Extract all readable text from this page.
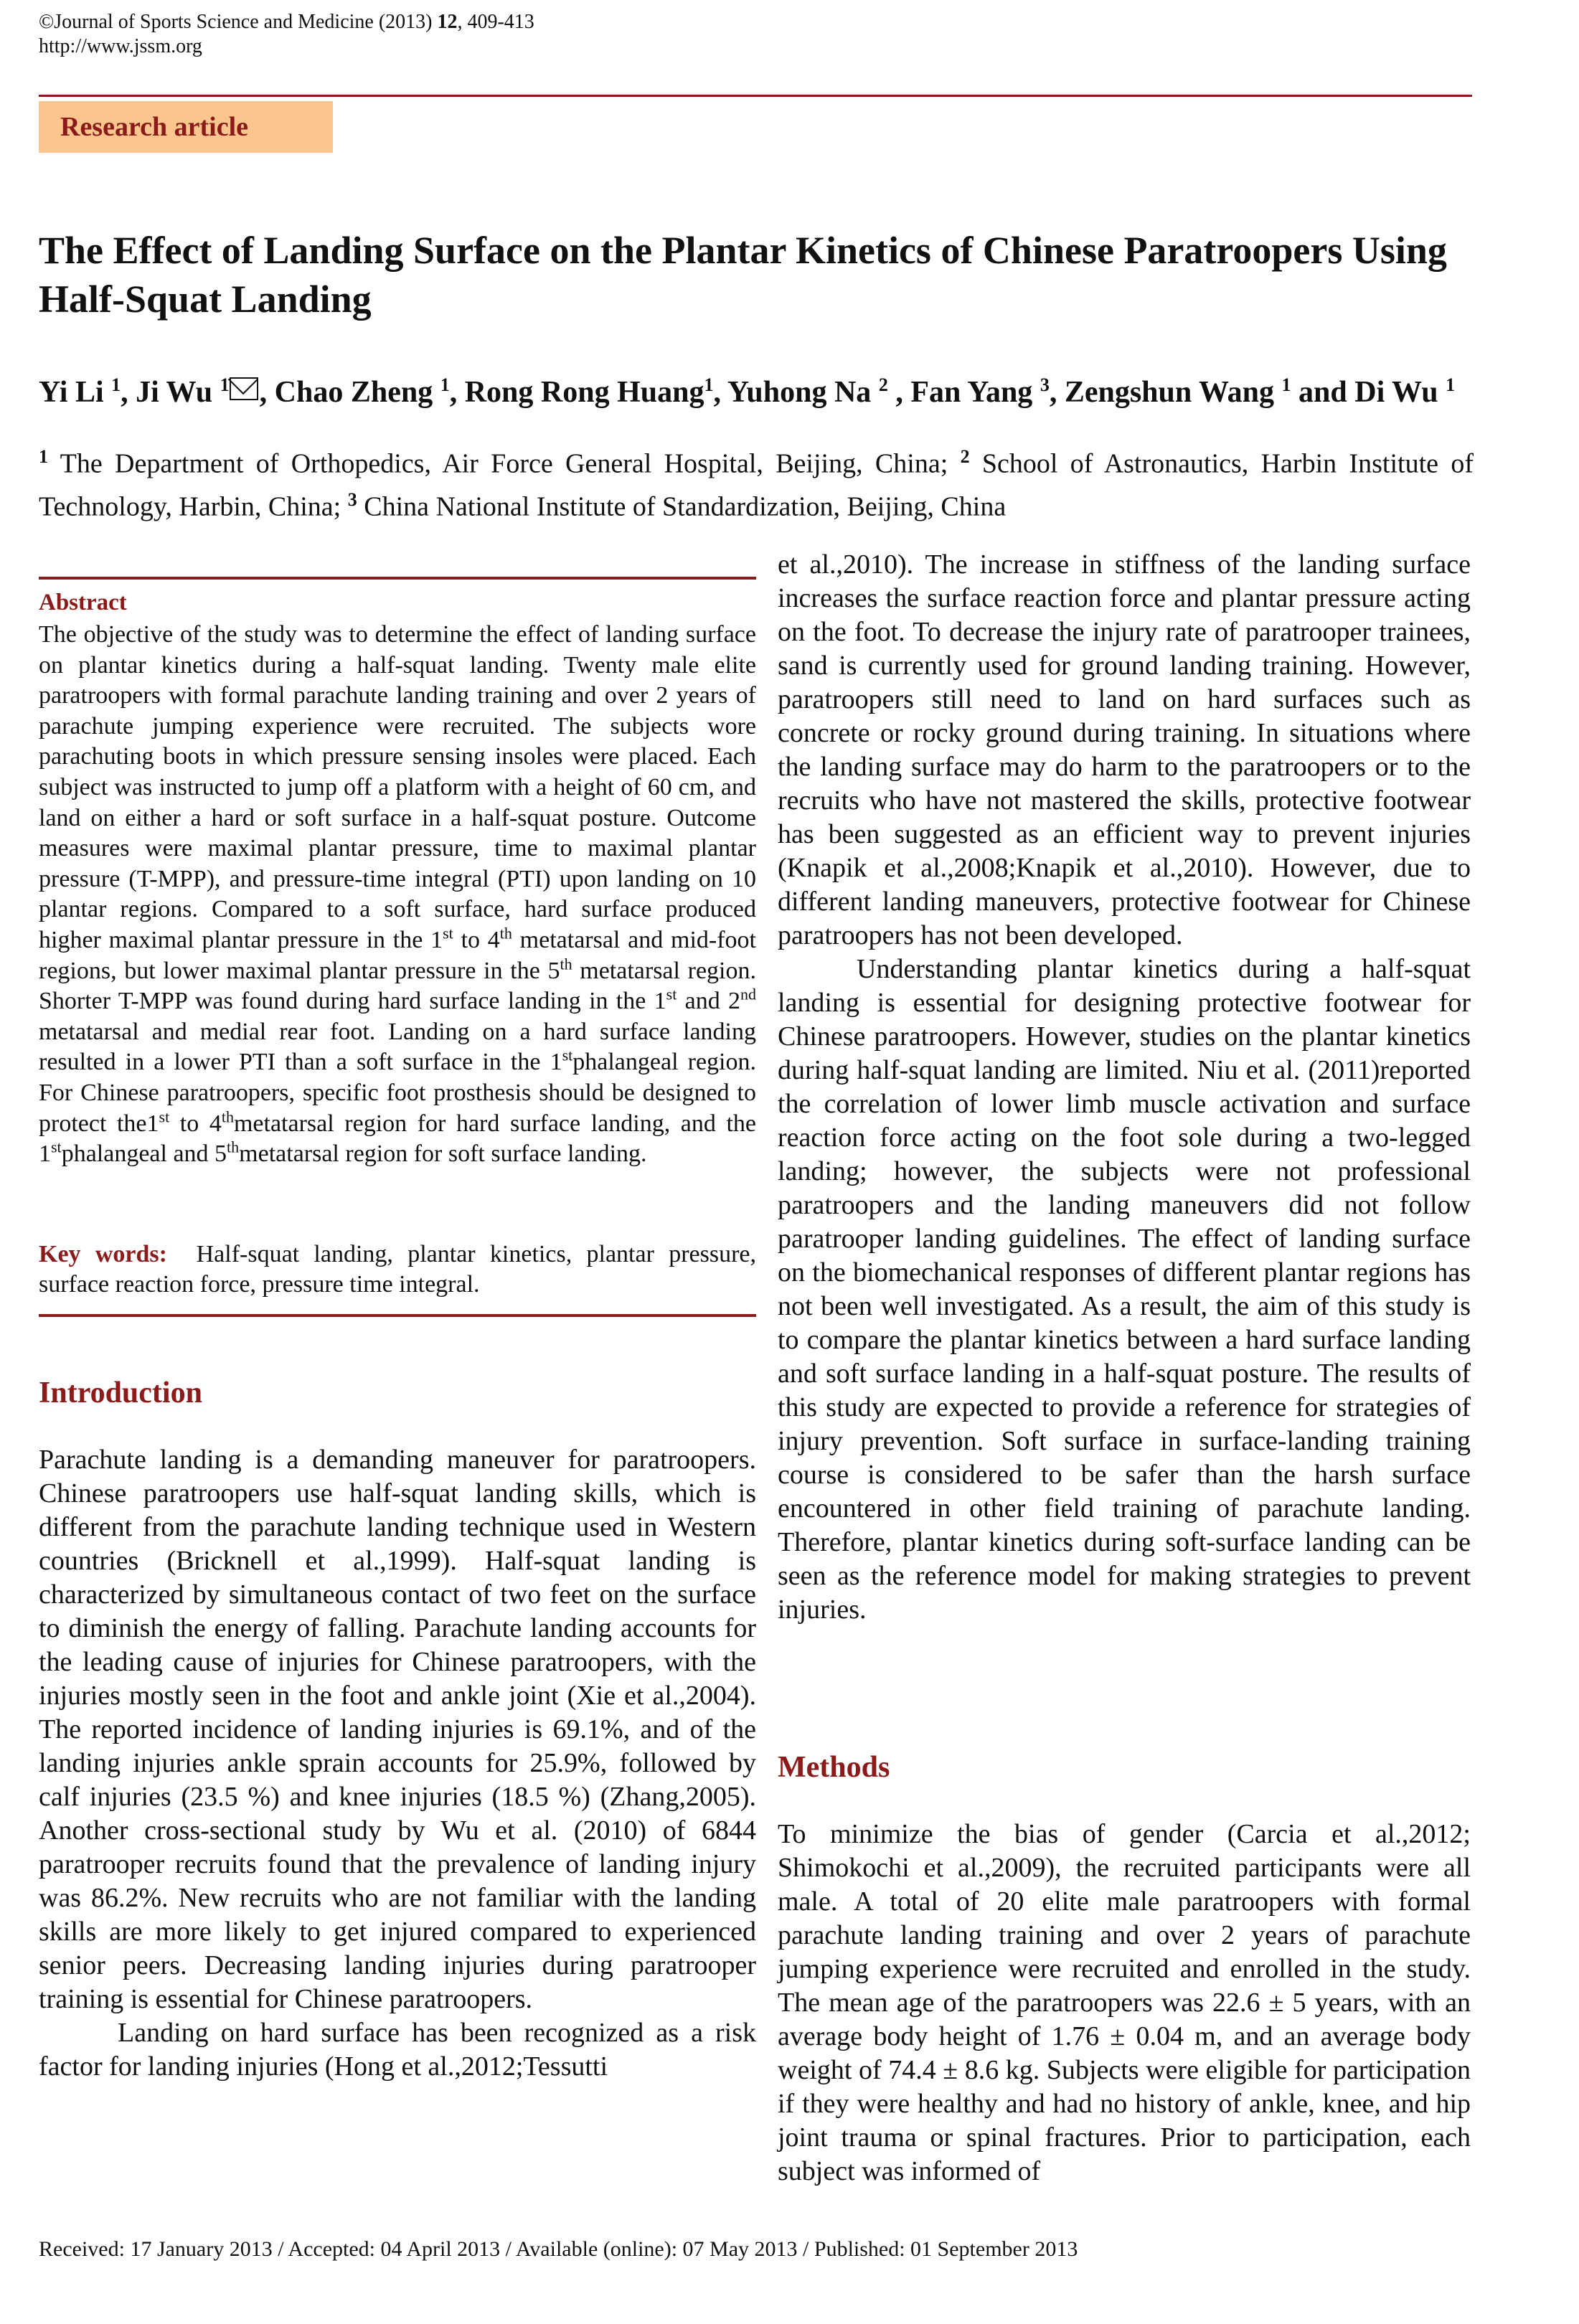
©Journal of Sports Science and Medicine (2013) 12, 409-413
http://www.jssm.org
Research article
The Effect of Landing Surface on the Plantar Kinetics of Chinese Paratroopers Using Half-Squat Landing
Yi Li $^1$, Ji Wu $^1$ , Chao Zheng $^1$, Rong Rong Huang$^1$, Yuhong Na $^2$ , Fan Yang $^3$, Zengshun Wang $^1$ and Di Wu $^1$
$^1$ The Department of Orthopedics, Air Force General Hospital, Beijing, China; $^2$ School of Astronautics, Harbin Institute of Technology, Harbin, China; $^3$ China National Institute of Standardization, Beijing, China
Abstract

The objective of the study was to determine the effect of landing surface on plantar kinetics during a half-squat landing. Twenty male elite paratroopers with formal parachute landing training and over 2 years of parachute jumping experience were recruited. The subjects wore parachuting boots in which pressure sensing insoles were placed. Each subject was instructed to jump off a platform with a height of 60 cm, and land on either a hard or soft surface in a half-squat posture. Outcome measures were maximal plantar pressure, time to maximal plantar pressure (T-MPP), and pressure-time integral (PTI) upon landing on 10 plantar regions. Compared to a soft surface, hard surface produced higher maximal plantar pressure in the 1st to 4th metatarsal and mid-foot regions, but lower maximal plantar pressure in the 5th metatarsal region. Shorter T-MPP was found during hard surface landing in the 1st and 2nd metatarsal and medial rear foot. Landing on a hard surface landing resulted in a lower PTI than a soft surface in the 1stphalangeal region. For Chinese paratroopers, specific foot prosthesis should be designed to protect the1st to 4thmetatarsal region for hard surface landing, and the 1stphalangeal and 5thmetatarsal region for soft surface landing.

Key words: Half-squat landing, plantar kinetics, plantar pressure, surface reaction force, pressure time integral.

Introduction

Parachute landing is a demanding maneuver for paratroopers. Chinese paratroopers use half-squat landing skills, which is different from the parachute landing technique used in Western countries (Bricknell et al.,1999). Half-squat landing is characterized by simultaneous contact of two feet on the surface to diminish the energy of falling. Parachute landing accounts for the leading cause of injuries for Chinese paratroopers, with the injuries mostly seen in the foot and ankle joint (Xie et al.,2004). The reported incidence of landing injuries is 69.1%, and of the landing injuries ankle sprain accounts for 25.9%, followed by calf injuries (23.5 %) and knee injuries (18.5 %) (Zhang,2005). Another cross-sectional study by Wu et al. (2010) of 6844 paratrooper recruits found that the prevalence of landing injury was 86.2%. New recruits who are not familiar with the landing skills are more likely to get injured compared to experienced senior peers. Decreasing landing injuries during paratrooper training is essential for Chinese paratroopers.

Landing on hard surface has been recognized as a risk factor for landing injuries (Hong et al.,2012;Tessutti

et al.,2010). The increase in stiffness of the landing surface increases the surface reaction force and plantar pressure acting on the foot. To decrease the injury rate of paratrooper trainees, sand is currently used for ground landing training. However, paratroopers still need to land on hard surfaces such as concrete or rocky ground during training. In situations where the landing surface may do harm to the paratroopers or to the recruits who have not mastered the skills, protective footwear has been suggested as an efficient way to prevent injuries (Knapik et al.,2008;Knapik et al.,2010). However, due to different landing maneuvers, protective footwear for Chinese paratroopers has not been developed.

Understanding plantar kinetics during a half-squat landing is essential for designing protective footwear for Chinese paratroopers. However, studies on the plantar kinetics during half-squat landing are limited. Niu et al. (2011)reported the correlation of lower limb muscle activation and surface reaction force acting on the foot sole during a two-legged landing; however, the subjects were not professional paratroopers and the landing maneuvers did not follow paratrooper landing guidelines. The effect of landing surface on the biomechanical responses of different plantar regions has not been well investigated. As a result, the aim of this study is to compare the plantar kinetics between a hard surface landing and soft surface landing in a half-squat posture. The results of this study are expected to provide a reference for strategies of injury prevention. Soft surface in surface-landing training course is considered to be safer than the harsh surface encountered in other field training of parachute landing. Therefore, plantar kinetics during soft-surface landing can be seen as the reference model for making strategies to prevent injuries.

Methods

To minimize the bias of gender (Carcia et al.,2012; Shimokochi et al.,2009), the recruited participants were all male. A total of 20 elite male paratroopers with formal parachute landing training and over 2 years of parachute jumping experience were recruited and enrolled in the study. The mean age of the paratroopers was 22.6 ± 5 years, with an average body height of 1.76 ± 0.04 m, and an average body weight of 74.4 ± 8.6 kg. Subjects were eligible for participation if they were healthy and had no history of ankle, knee, and hip joint trauma or spinal fractures. Prior to participation, each subject was informed of

Received: 17 January 2013 / Accepted: 04 April 2013 / Available (online): 07 May 2013 / Published: 01 September 2013
